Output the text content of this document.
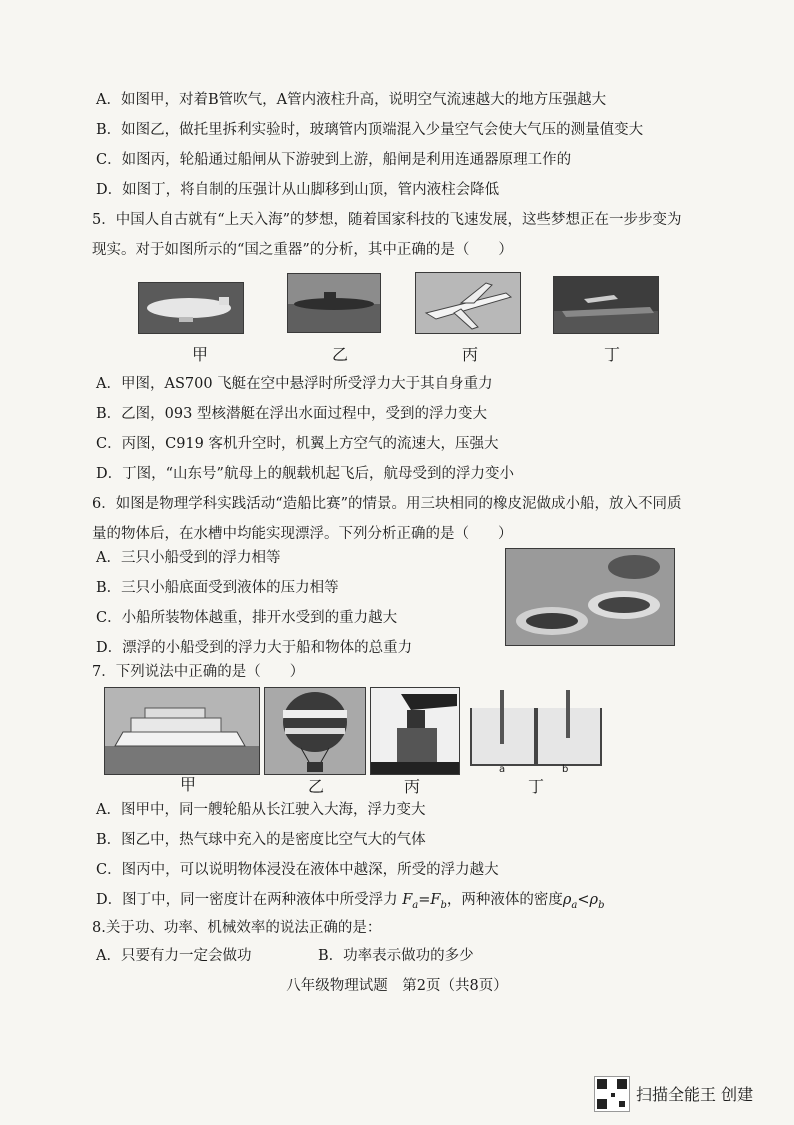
A．如图甲，对着B管吹气，A管内液柱升高，说明空气流速越大的地方压强越大
B．如图乙，做托里拆利实验时，玻璃管内顶端混入少量空气会使大气压的测量值变大
C．如图丙，轮船通过船闸从下游驶到上游，船闸是利用连通器原理工作的
D．如图丁，将自制的压强计从山脚移到山顶，管内液柱会降低
5．中国人自古就有“上天入海”的梦想，随着国家科技的飞速发展，这些梦想正在一步步变为
现实。对于如图所示的“国之重器”的分析，其中正确的是（　　）
甲	乙	丙	丁
A．甲图，AS700 飞艇在空中悬浮时所受浮力大于其自身重力
B．乙图，093 型核潜艇在浮出水面过程中，受到的浮力变大
C．丙图，C919 客机升空时，机翼上方空气的流速大，压强大
D．丁图，“山东号”航母上的舰载机起飞后，航母受到的浮力变小
6．如图是物理学科实践活动“造船比赛”的情景。用三块相同的橡皮泥做成小船，放入不同质
量的物体后，在水槽中均能实现漂浮。下列分析正确的是（　　）
A．三只小船受到的浮力相等
B．三只小船底面受到液体的压力相等
C．小船所装物体越重，排开水受到的重力越大
D．漂浮的小船受到的浮力大于船和物体的总重力
7．下列说法中正确的是（　　）
a	b
甲	乙	丙	丁
A．图甲中，同一艘轮船从长江驶入大海，浮力变大
B．图乙中，热气球中充入的是密度比空气大的气体
C．图丙中，可以说明物体浸没在液体中越深，所受的浮力越大
D．图丁中，同一密度计在两种液体中所受浮力 $F_a=F_b$，两种液体的密度$\rho_a<\rho_b$
8.关于功、功率、机械效率的说法正确的是：
A．只要有力一定会做功	B．功率表示做功的多少
八年级物理试题　第2页（共8页）
扫描全能王 创建
